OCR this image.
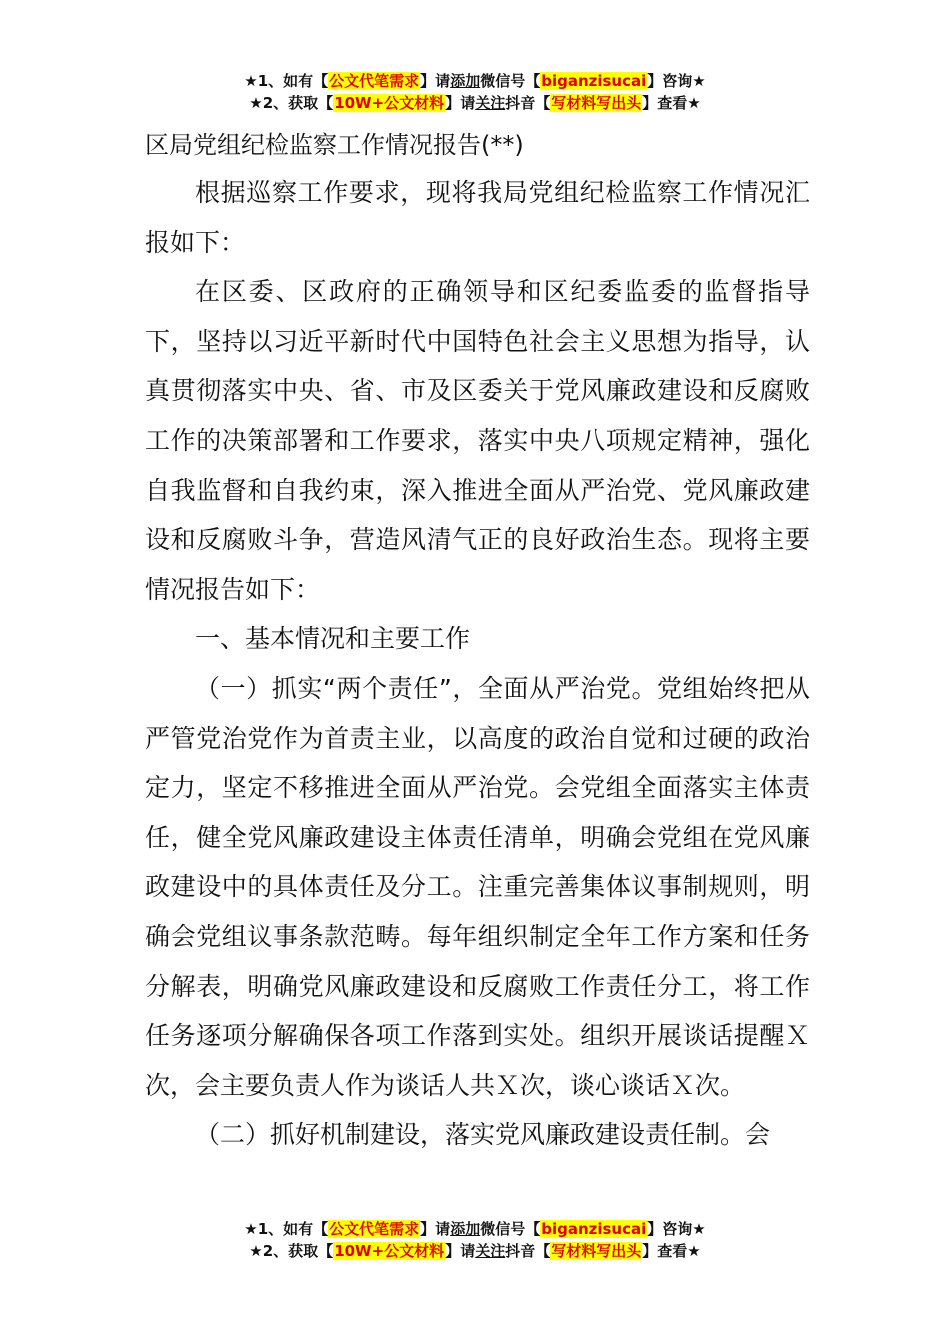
★1、如有【公文代笔需求】请添加微信号【biganzisucai】咨询★
★2、获取【10W+公文材料】请关注抖音【写材料写出头】查看★

区局党组纪检监察工作情况报告(**)

根据巡察工作要求，现将我局党组纪检监察工作情况汇报如下：

在区委、区政府的正确领导和区纪委监委的监督指导下，坚持以习近平新时代中国特色社会主义思想为指导，认真贯彻落实中央、省、市及区委关于党风廉政建设和反腐败工作的决策部署和工作要求，落实中央八项规定精神，强化自我监督和自我约束，深入推进全面从严治党、党风廉政建设和反腐败斗争，营造风清气正的良好政治生态。现将主要情况报告如下：

一、基本情况和主要工作

（一）抓实“两个责任”，全面从严治党。党组始终把从严管党治党作为首责主业，以高度的政治自觉和过硬的政治定力，坚定不移推进全面从严治党。会党组全面落实主体责任，健全党风廉政建设主体责任清单，明确会党组在党风廉政建设中的具体责任及分工。注重完善集体议事制规则，明确会党组议事条款范畴。每年组织制定全年工作方案和任务分解表，明确党风廉政建设和反腐败工作责任分工，将工作任务逐项分解确保各项工作落到实处。组织开展谈话提醒Ｘ次，会主要负责人作为谈话人共Ｘ次，谈心谈话Ｘ次。

（二）抓好机制建设，落实党风廉政建设责任制。会

★1、如有【公文代笔需求】请添加微信号【biganzisucai】咨询★
★2、获取【10W+公文材料】请关注抖音【写材料写出头】查看★
